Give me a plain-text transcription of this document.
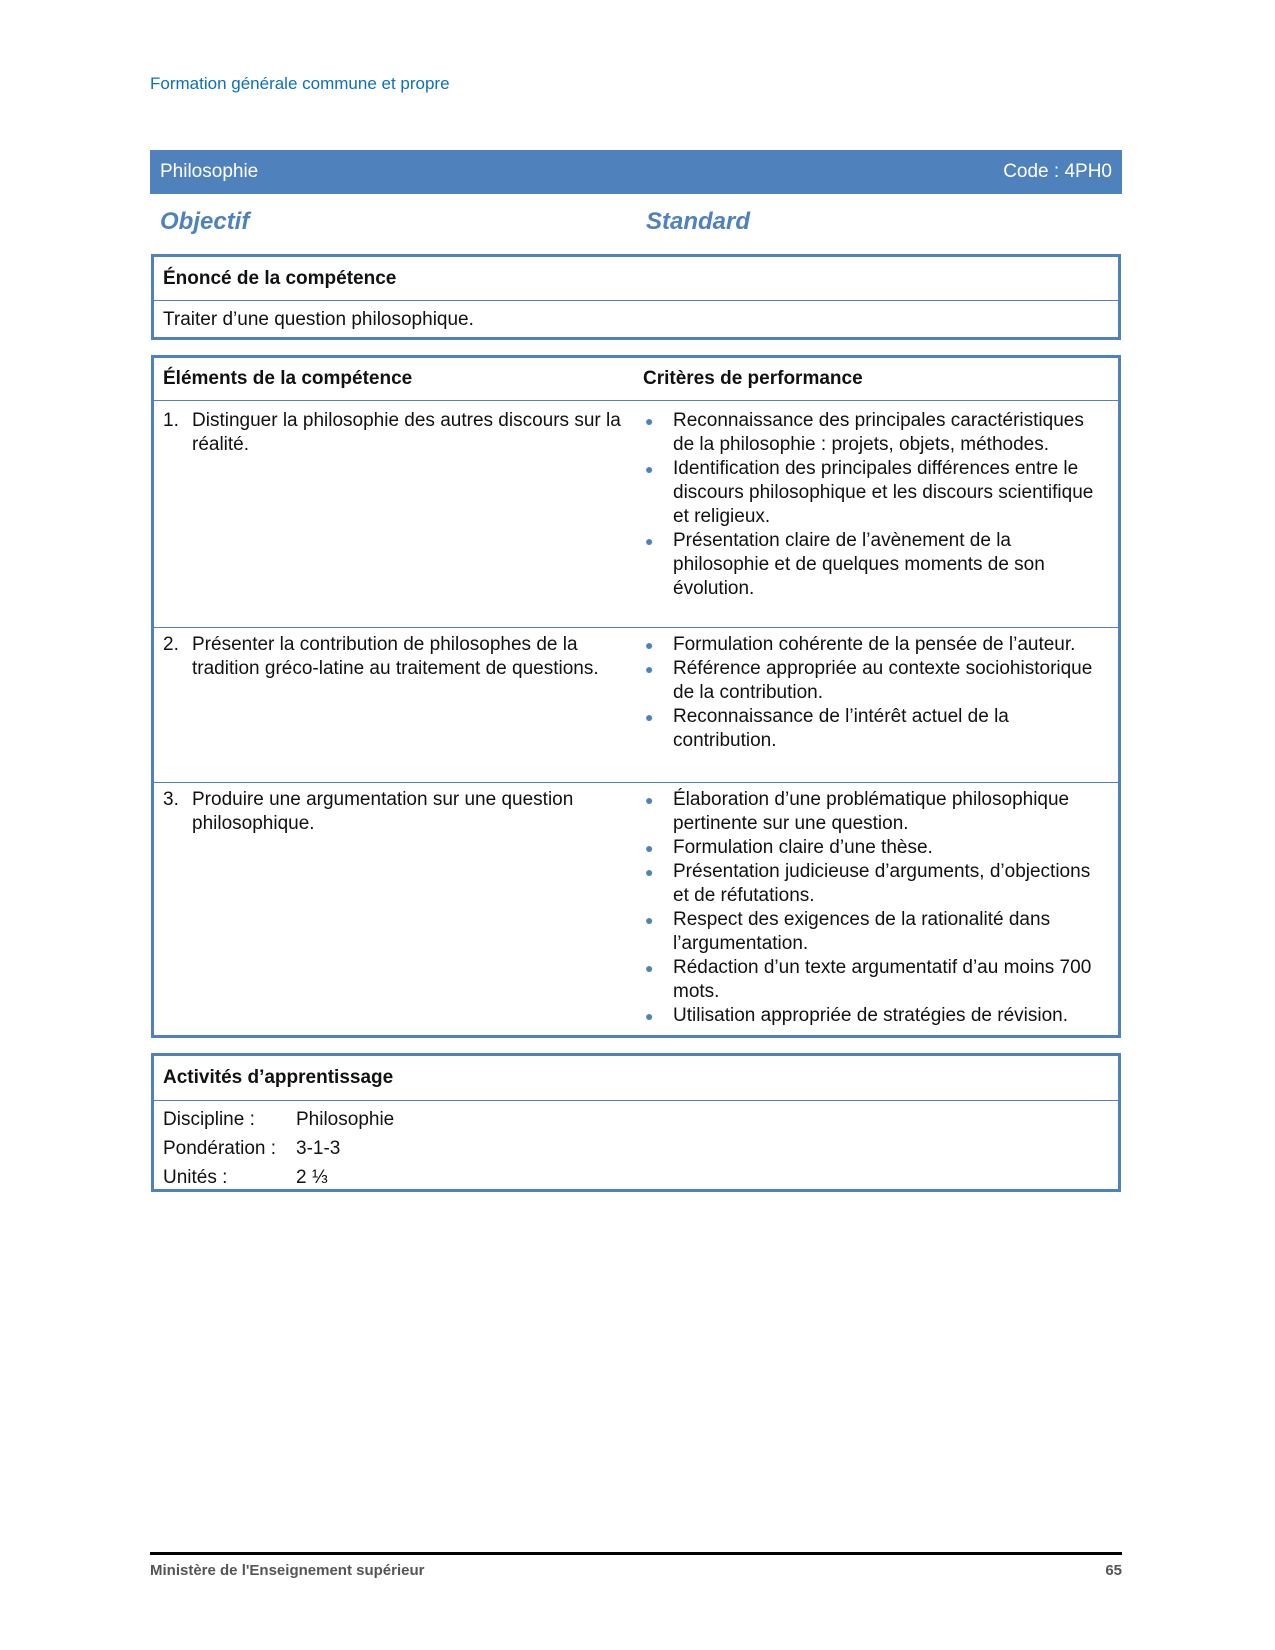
Formation générale commune et propre
Philosophie	Code : 4PH0
Objectif	Standard
Énoncé de la compétence
Traiter d’une question philosophique.
Éléments de la compétence	Critères de performance
1. Distinguer la philosophie des autres discours sur la réalité.
●	Reconnaissance des principales caractéristiques de la philosophie : projets, objets, méthodes.
●	Identification des principales différences entre le discours philosophique et les discours scientifique et religieux.
●	Présentation claire de l’avènement de la philosophie et de quelques moments de son évolution.
2. Présenter la contribution de philosophes de la tradition gréco-latine au traitement de questions.
●	Formulation cohérente de la pensée de l’auteur.
●	Référence appropriée au contexte sociohistorique de la contribution.
●	Reconnaissance de l’intérêt actuel de la contribution.
3. Produire une argumentation sur une question philosophique.
●	Élaboration d’une problématique philosophique pertinente sur une question.
●	Formulation claire d’une thèse.
●	Présentation judicieuse d’arguments, d’objections et de réfutations.
●	Respect des exigences de la rationalité dans l’argumentation.
●	Rédaction d’un texte argumentatif d’au moins 700 mots.
●	Utilisation appropriée de stratégies de révision.
Activités d’apprentissage
Discipline :	Philosophie
Pondération :	3-1-3
Unités :	2 ⅓
Ministère de l'Enseignement supérieur	65
